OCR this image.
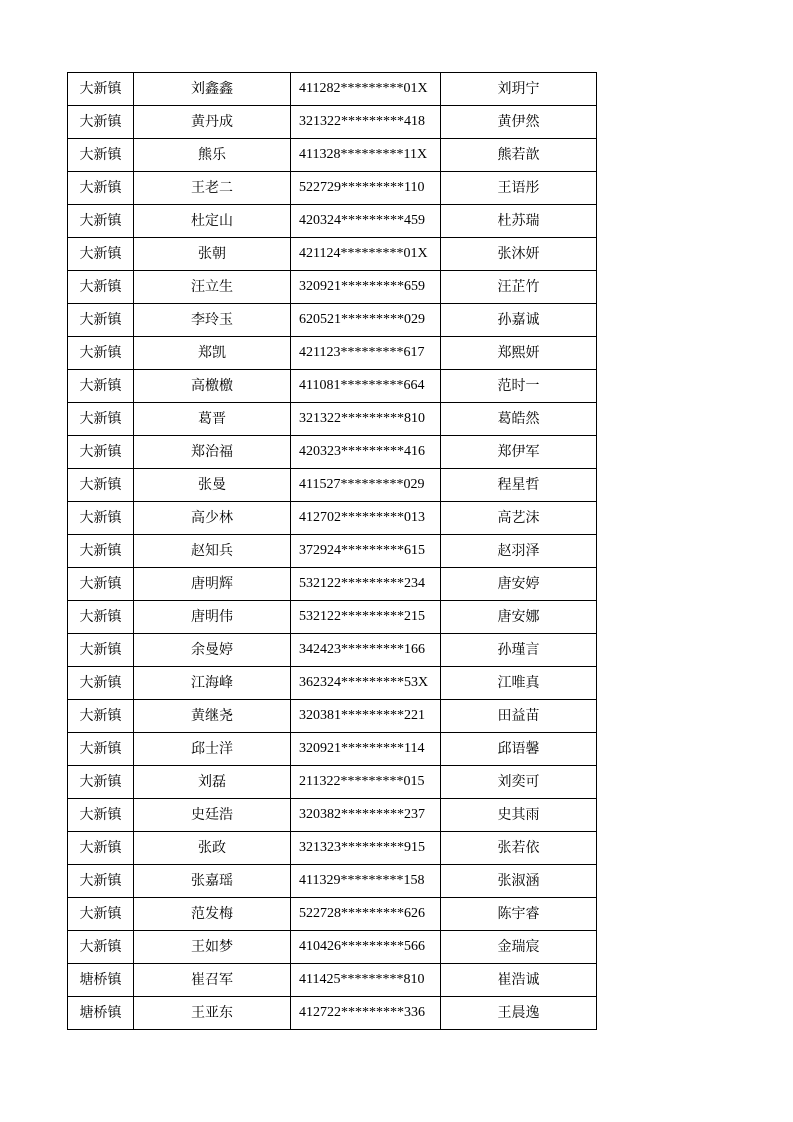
大新镇	刘鑫鑫	411282*********01X	刘玥宁
大新镇	黄丹成	321322*********418	黄伊然
大新镇	熊乐	411328*********11X	熊若歆
大新镇	王老二	522729*********110	王语彤
大新镇	杜定山	420324*********459	杜苏瑞
大新镇	张朝	421124*********01X	张沐妍
大新镇	汪立生	320921*********659	汪芷竹
大新镇	李玲玉	620521*********029	孙嘉诚
大新镇	郑凯	421123*********617	郑熙妍
大新镇	高檄檄	411081*********664	范时一
大新镇	葛晋	321322*********810	葛皓然
大新镇	郑治福	420323*********416	郑伊军
大新镇	张曼	411527*********029	程星哲
大新镇	高少林	412702*********013	高艺沫
大新镇	赵知兵	372924*********615	赵羽泽
大新镇	唐明辉	532122*********234	唐安婷
大新镇	唐明伟	532122*********215	唐安娜
大新镇	余曼婷	342423*********166	孙瑾言
大新镇	江海峰	362324*********53X	江唯真
大新镇	黄继尧	320381*********221	田益苗
大新镇	邱士洋	320921*********114	邱语馨
大新镇	刘磊	211322*********015	刘奕可
大新镇	史廷浩	320382*********237	史其雨
大新镇	张政	321323*********915	张若依
大新镇	张嘉瑶	411329*********158	张淑涵
大新镇	范发梅	522728*********626	陈宇睿
大新镇	王如梦	410426*********566	金瑞宸
塘桥镇	崔召军	411425*********810	崔浩诚
塘桥镇	王亚东	412722*********336	王晨逸
